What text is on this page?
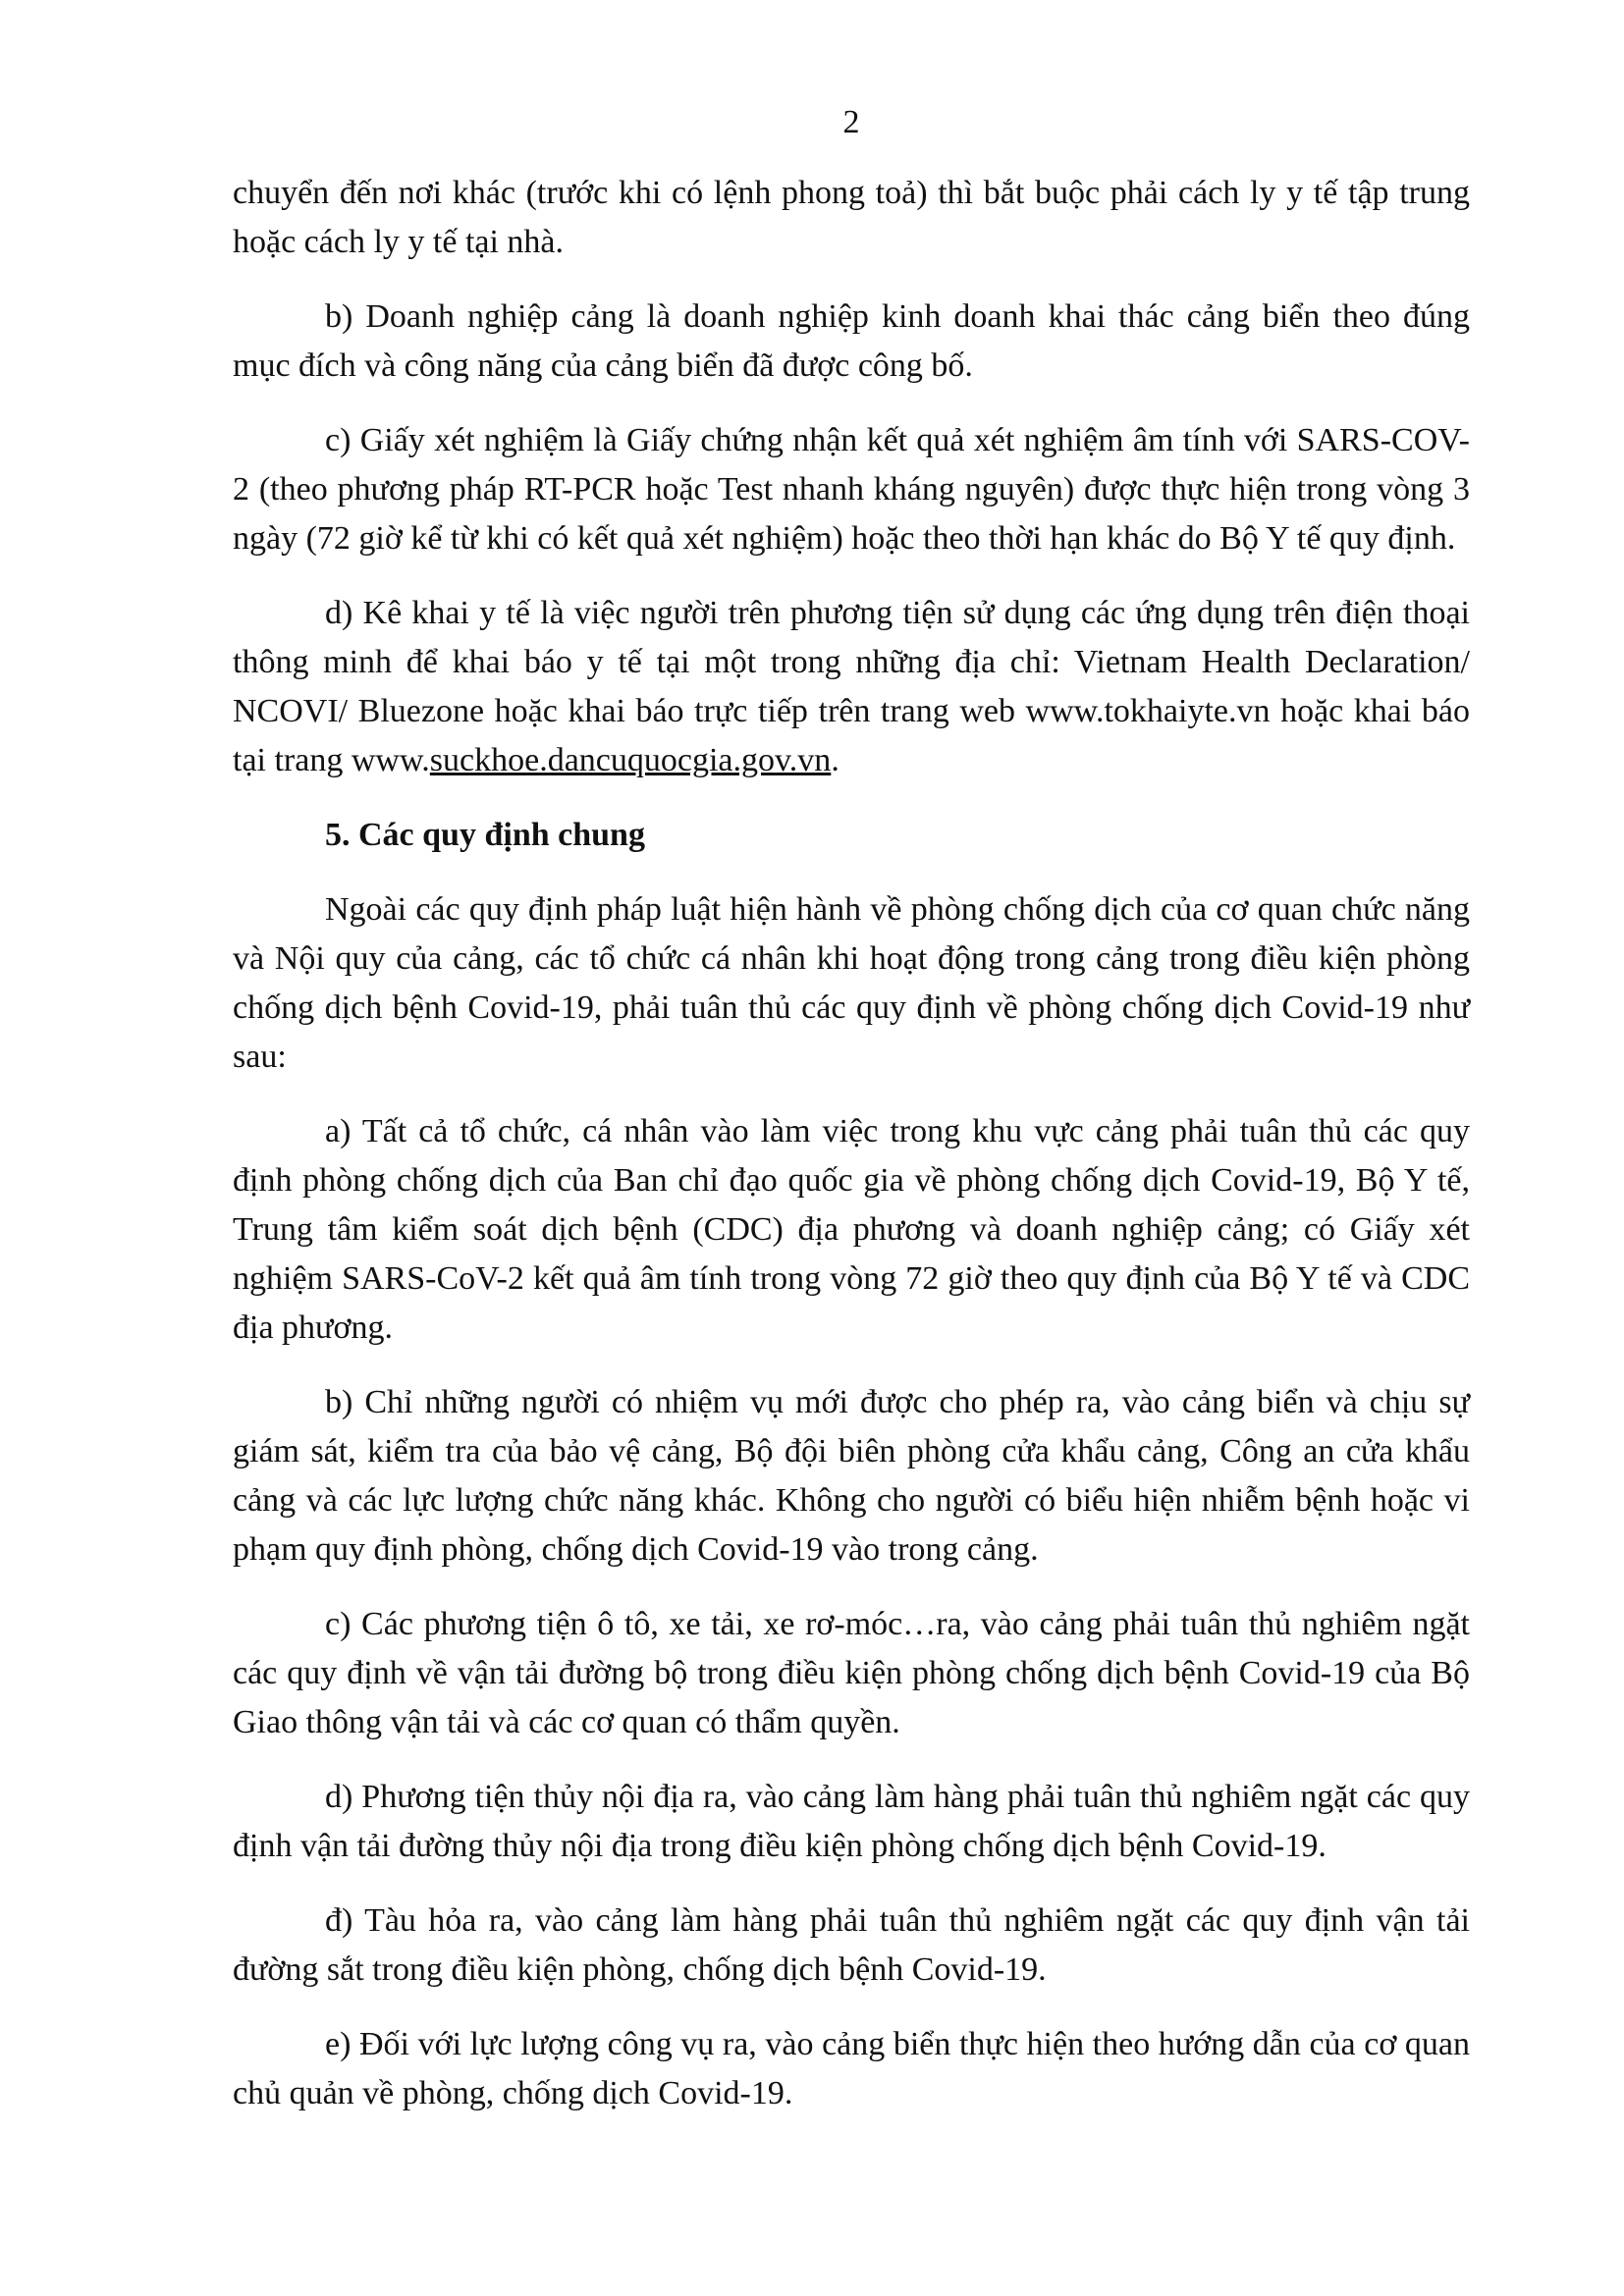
2

chuyển đến nơi khác (trước khi có lệnh phong toả) thì bắt buộc phải cách ly y tế tập trung hoặc cách ly y tế tại nhà.

b) Doanh nghiệp cảng là doanh nghiệp kinh doanh khai thác cảng biển theo đúng mục đích và công năng của cảng biển đã được công bố.

c) Giấy xét nghiệm là Giấy chứng nhận kết quả xét nghiệm âm tính với SARS-COV-2 (theo phương pháp RT-PCR hoặc Test nhanh kháng nguyên) được thực hiện trong vòng 3 ngày (72 giờ kể từ khi có kết quả xét nghiệm) hoặc theo thời hạn khác do Bộ Y tế quy định.

d) Kê khai y tế là việc người trên phương tiện sử dụng các ứng dụng trên điện thoại thông minh để khai báo y tế tại một trong những địa chỉ: Vietnam Health Declaration/ NCOVI/ Bluezone hoặc khai báo trực tiếp trên trang web www.tokhaiyte.vn hoặc khai báo tại trang www.suckhoe.dancuquocgia.gov.vn.

5. Các quy định chung

Ngoài các quy định pháp luật hiện hành về phòng chống dịch của cơ quan chức năng và Nội quy của cảng, các tổ chức cá nhân khi hoạt động trong cảng trong điều kiện phòng chống dịch bệnh Covid-19, phải tuân thủ các quy định về phòng chống dịch Covid-19 như sau:

a) Tất cả tổ chức, cá nhân vào làm việc trong khu vực cảng phải tuân thủ các quy định phòng chống dịch của Ban chỉ đạo quốc gia về phòng chống dịch Covid-19, Bộ Y tế, Trung tâm kiểm soát dịch bệnh (CDC) địa phương và doanh nghiệp cảng; có Giấy xét nghiệm SARS-CoV-2 kết quả âm tính trong vòng 72 giờ theo quy định của Bộ Y tế và CDC địa phương.

b) Chỉ những người có nhiệm vụ mới được cho phép ra, vào cảng biển và chịu sự giám sát, kiểm tra của bảo vệ cảng, Bộ đội biên phòng cửa khẩu cảng, Công an cửa khẩu cảng và các lực lượng chức năng khác. Không cho người có biểu hiện nhiễm bệnh hoặc vi phạm quy định phòng, chống dịch Covid-19 vào trong cảng.

c) Các phương tiện ô tô, xe tải, xe rơ-móc…ra, vào cảng phải tuân thủ nghiêm ngặt các quy định về vận tải đường bộ trong điều kiện phòng chống dịch bệnh Covid-19 của Bộ Giao thông vận tải và các cơ quan có thẩm quyền.

d) Phương tiện thủy nội địa ra, vào cảng làm hàng phải tuân thủ nghiêm ngặt các quy định vận tải đường thủy nội địa trong điều kiện phòng chống dịch bệnh Covid-19.

đ) Tàu hỏa ra, vào cảng làm hàng phải tuân thủ nghiêm ngặt các quy định vận tải đường sắt trong điều kiện phòng, chống dịch bệnh Covid-19.

e) Đối với lực lượng công vụ ra, vào cảng biển thực hiện theo hướng dẫn của cơ quan chủ quản về phòng, chống dịch Covid-19.
